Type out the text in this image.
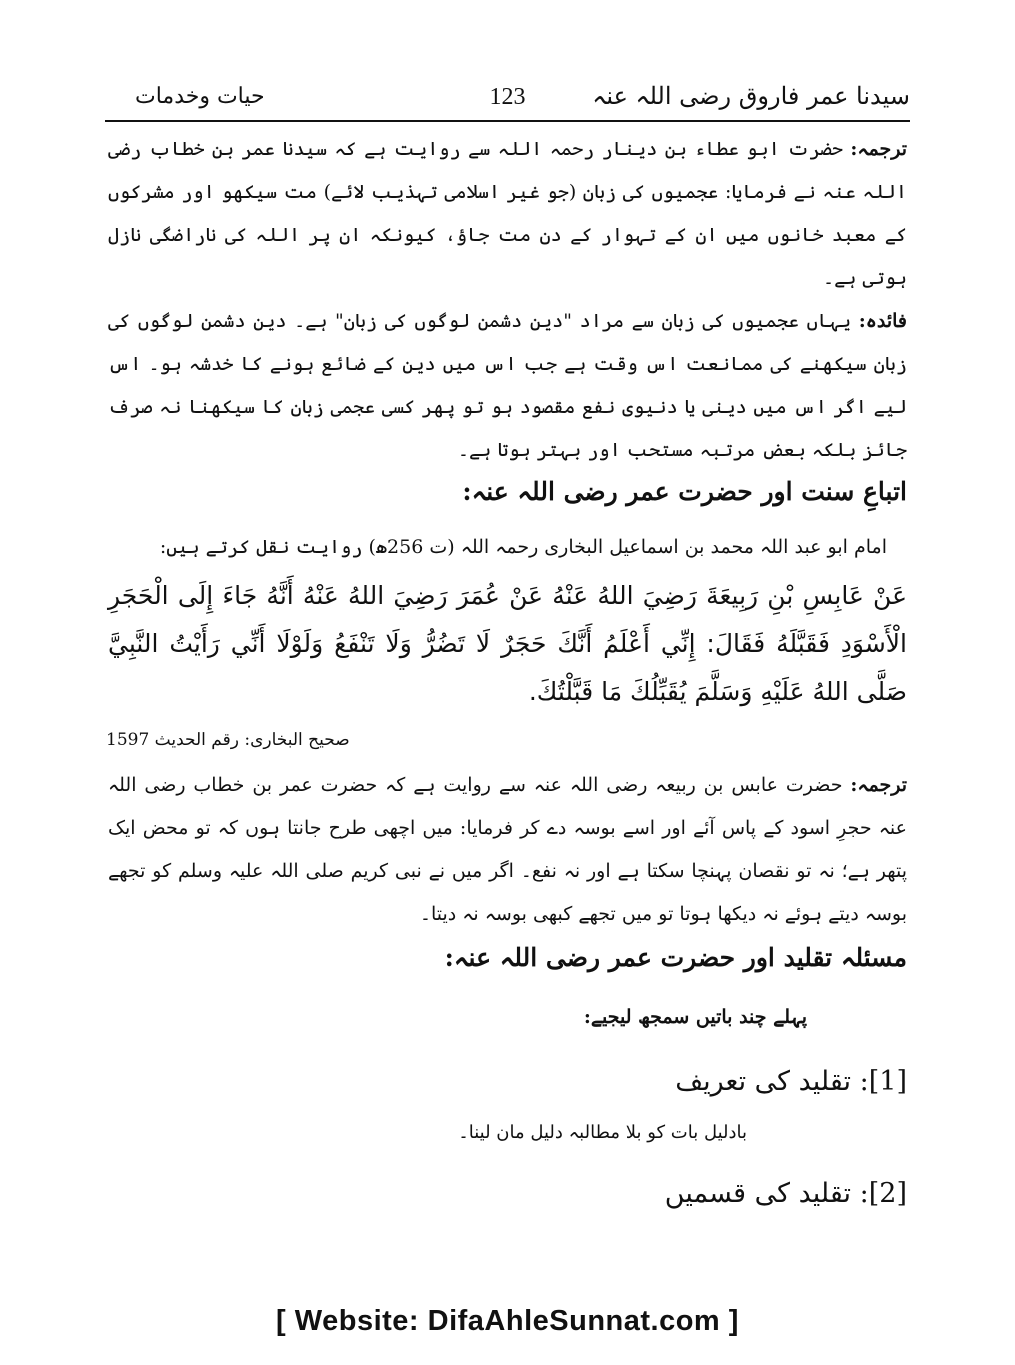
سیدنا عمر فاروق رضی اللہ عنہ
123
حیات وخدمات
ترجمہ: حضرت ابو عطاء بن دینار رحمہ اللہ سے روایت ہے کہ سیدنا عمر بن خطاب رضی اللہ عنہ نے فرمایا: عجمیوں کی زبان (جو غیر اسلامی تہذیب لائے) مت سیکھو اور مشرکوں کے معبد خانوں میں ان کے تہوار کے دن مت جاؤ، کیونکہ ان پر اللہ کی ناراضگی نازل ہوتی ہے۔
فائدہ: یہاں عجمیوں کی زبان سے مراد "دین دشمن لوگوں کی زبان" ہے۔ دین دشمن لوگوں کی زبان سیکھنے کی ممانعت اس وقت ہے جب اس میں دین کے ضائع ہونے کا خدشہ ہو۔ اس لیے اگر اس میں دینی یا دنیوی نفع مقصود ہو تو پھر کسی عجمی زبان کا سیکھنا نہ صرف جائز بلکہ بعض مرتبہ مستحب اور بہتر ہوتا ہے۔
اتباعِ سنت اور حضرت عمر رضی اللہ عنہ:
امام ابو عبد اللہ محمد بن اسماعیل البخاری رحمہ اللہ (ت 256ھ) روایت نقل کرتے ہیں:
عَنْ عَابِسِ بْنِ رَبِيعَةَ رَضِيَ اللهُ عَنْهُ عَنْ عُمَرَ رَضِيَ اللهُ عَنْهُ أَنَّهُ جَاءَ إِلَى الْحَجَرِ الْأَسْوَدِ فَقَبَّلَهُ فَقَالَ: إِنِّي أَعْلَمُ أَنَّكَ حَجَرٌ لَا تَضُرُّ وَلَا تَنْفَعُ وَلَوْلَا أَنِّي رَأَيْتُ النَّبِيَّ صَلَّى اللهُ عَلَيْهِ وَسَلَّمَ يُقَبِّلُكَ مَا قَبَّلْتُكَ.
صحیح البخاری: رقم الحدیث 1597
ترجمہ: حضرت عابس بن ربیعہ رضی اللہ عنہ سے روایت ہے کہ حضرت عمر بن خطاب رضی اللہ عنہ حجرِ اسود کے پاس آئے اور اسے بوسہ دے کر فرمایا: میں اچھی طرح جانتا ہوں کہ تو محض ایک پتھر ہے؛ نہ تو نقصان پہنچا سکتا ہے اور نہ نفع۔ اگر میں نے نبی کریم صلی اللہ علیہ وسلم کو تجھے بوسہ دیتے ہوئے نہ دیکھا ہوتا تو میں تجھے کبھی بوسہ نہ دیتا۔
مسئلہ تقلید اور حضرت عمر رضی اللہ عنہ:
پہلے چند باتیں سمجھ لیجیے:
[1]: تقلید کی تعریف
بادلیل بات کو بلا مطالبہ دلیل مان لینا۔
[2]: تقلید کی قسمیں
[ Website: DifaAhleSunnat.com ]
